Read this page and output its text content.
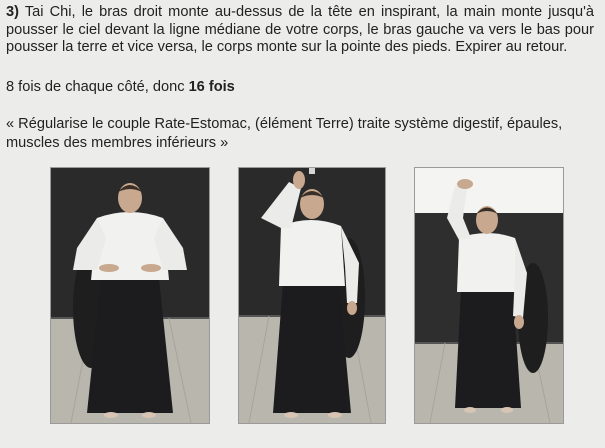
3) Tai Chi, le bras droit monte au-dessus de la tête en inspirant, la main monte jusqu'à pousser le ciel devant la ligne médiane de votre corps, le bras gauche va vers le bas pour pousser la terre et vice versa, le corps monte sur la pointe des pieds. Expirer au retour.
8 fois de chaque côté, donc 16 fois
« Régularise le couple Rate-Estomac, (élément Terre) traite système digestif, épaules, muscles des membres inférieurs »
